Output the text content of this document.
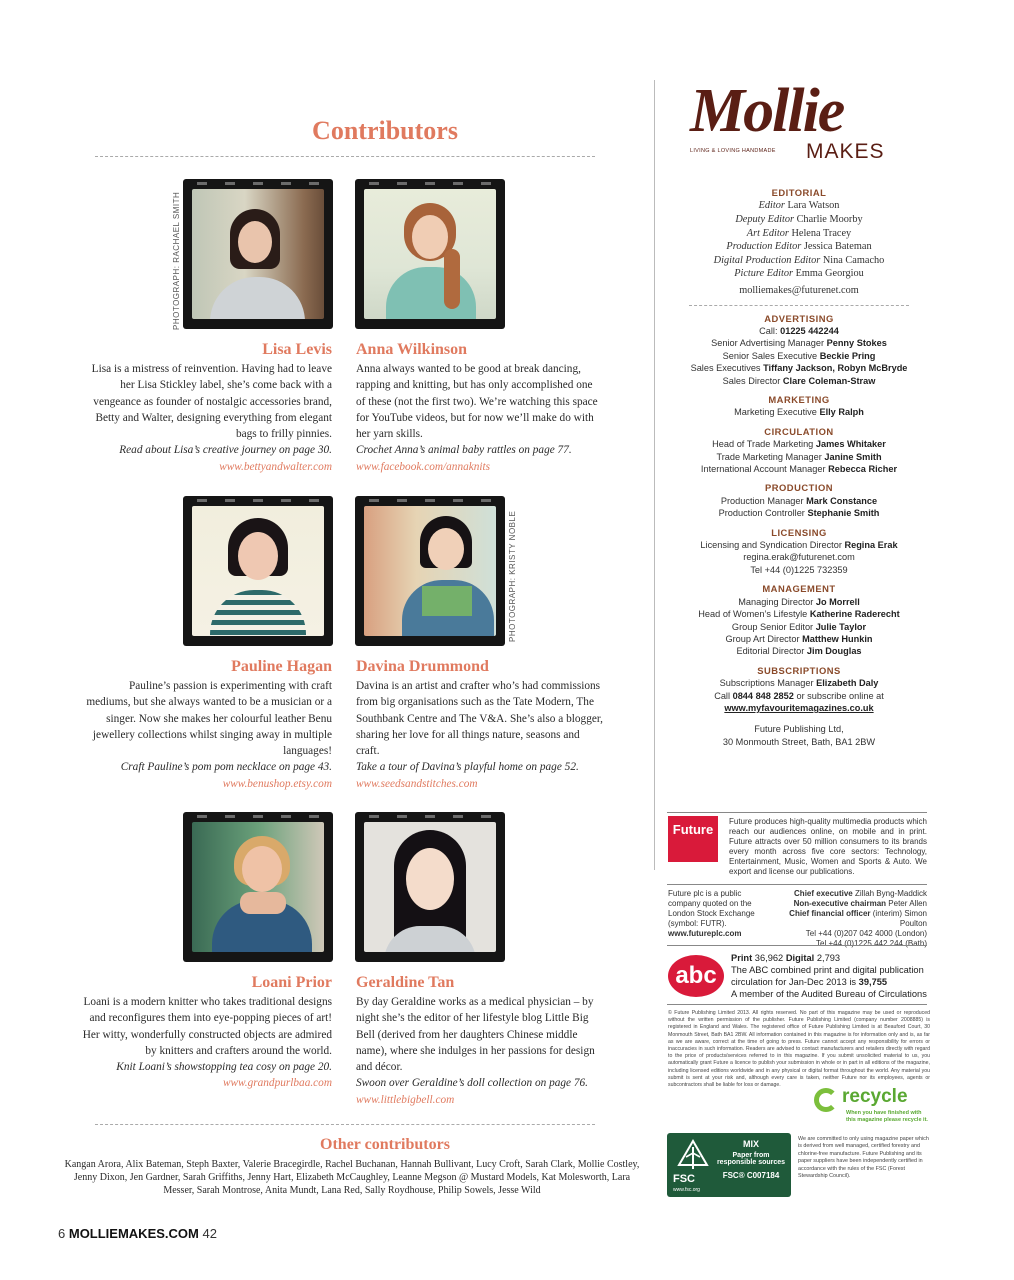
Contributors
PHOTOGRAPH: RACHAEL SMITH
PHOTOGRAPH: KRISTY NOBLE
Lisa Levis
Lisa is a mistress of reinvention. Having had to leave her Lisa Stickley label, she’s come back with a vengeance as founder of nostalgic accessories brand, Betty and Walter, designing everything from elegant bags to frilly pinnies.
Read about Lisa’s creative journey on page 30.
www.bettyandwalter.com
Anna Wilkinson
Anna always wanted to be good at break dancing, rapping and knitting, but has only accomplished one of these (not the first two). We’re watching this space for YouTube videos, but for now we’ll make do with her yarn skills.
Crochet Anna’s animal baby rattles on page 77.
www.facebook.com/annaknits
Pauline Hagan
Pauline’s passion is experimenting with craft mediums, but she always wanted to be a musician or a singer. Now she makes her colourful leather Benu jewellery collections whilst singing away in multiple languages!
Craft Pauline’s pom pom necklace on page 43.
www.benushop.etsy.com
Davina Drummond
Davina is an artist and crafter who’s had commissions from big organisations such as the Tate Modern, The Southbank Centre and The V&A. She’s also a blogger, sharing her love for all things nature, seasons and craft.
Take a tour of Davina’s playful home on page 52.
www.seedsandstitches.com
Loani Prior
Loani is a modern knitter who takes traditional designs and reconfigures them into eye-popping pieces of art! Her witty, wonderfully constructed objects are admired by knitters and crafters around the world.
Knit Loani’s showstopping tea cosy on page 20.
www.grandpurlbaa.com
Geraldine Tan
By day Geraldine works as a medical physician – by night she’s the editor of her lifestyle blog Little Big Bell (derived from her daughters Chinese middle name), where she indulges in her passions for design and décor.
Swoon over Geraldine’s doll collection on page 76.
www.littlebigbell.com
Other contributors
Kangan Arora, Alix Bateman, Steph Baxter, Valerie Bracegirdle, Rachel Buchanan, Hannah Bullivant, Lucy Croft, Sarah Clark, Mollie Costley, Jenny Dixon, Jen Gardner, Sarah Griffiths, Jenny Hart, Elizabeth McCaughley, Leanne Megson @ Mustard Models, Kat Molesworth, Lara Messer, Sarah Montrose, Anita Mundt, Lana Red, Sally Roydhouse, Philip Sowels, Jesse Wild
6 MOLLIEMAKES.COM 42
Mollie
MAKES
LIVING & LOVING HANDMADE
EDITORIAL
Editor Lara Watson
Deputy Editor Charlie Moorby
Art Editor Helena Tracey
Production Editor Jessica Bateman
Digital Production Editor Nina Camacho
Picture Editor Emma Georgiou
molliemakes@futurenet.com
ADVERTISING
Call: 01225 442244
Senior Advertising Manager Penny Stokes
Senior Sales Executive Beckie Pring
Sales Executives Tiffany Jackson, Robyn McBryde
Sales Director Clare Coleman-Straw
MARKETING
Marketing Executive Elly Ralph
CIRCULATION
Head of Trade Marketing James Whitaker
Trade Marketing Manager Janine Smith
International Account Manager Rebecca Richer
PRODUCTION
Production Manager Mark Constance
Production Controller Stephanie Smith
LICENSING
Licensing and Syndication Director Regina Erak
regina.erak@futurenet.com
Tel +44 (0)1225 732359
MANAGEMENT
Managing Director Jo Morrell
Head of Women’s Lifestyle Katherine Raderecht
Group Senior Editor Julie Taylor
Group Art Director Matthew Hunkin
Editorial Director Jim Douglas
SUBSCRIPTIONS
Subscriptions Manager Elizabeth Daly
Call 0844 848 2852 or subscribe online at
www.myfavouritemagazines.co.uk
Future Publishing Ltd,
30 Monmouth Street, Bath, BA1 2BW
Future
Future produces high-quality multimedia products which reach our audiences online, on mobile and in print. Future attracts over 50 million consumers to its brands every month across five core sectors: Technology, Entertainment, Music, Women and Sports & Auto. We export and license our publications.
Future plc is a public company quoted on the London Stock Exchange (symbol: FUTR).
www.futureplc.com
Chief executive Zillah Byng-Maddick
Non-executive chairman Peter Allen
Chief financial officer (interim) Simon Poulton
Tel +44 (0)207 042 4000 (London)
Tel +44 (0)1225 442 244 (Bath)
abc
Print 36,962 Digital 2,793
The ABC combined print and digital publication
circulation for Jan-Dec 2013 is 39,755
A member of the Audited Bureau of Circulations
© Future Publishing Limited 2013. All rights reserved. No part of this magazine may be used or reproduced without the written permission of the publisher. Future Publishing Limited (company number 2008885) is registered in England and Wales. The registered office of Future Publishing Limited is at Beauford Court, 30 Monmouth Street, Bath BA1 2BW. All information contained in this magazine is for information only and is, as far as we are aware, correct at the time of going to press. Future cannot accept any responsibility for errors or inaccuracies in such information. Readers are advised to contact manufacturers and retailers directly with regard to the price of products/services referred to in this magazine. If you submit unsolicited material to us, you automatically grant Future a licence to publish your submission in whole or in part in all editions of the magazine, including licensed editions worldwide and in any physical or digital format throughout the world. Any material you submit is sent at your risk and, although every care is taken, neither Future nor its employees, agents or subcontractors shall be liable for loss or damage.
recycle
When you have finished with
this magazine please recycle it.
FSC
www.fsc.org
MIX
Paper from
responsible sources
FSC® C007184
We are committed to only using magazine paper which is derived from well managed, certified forestry and chlorine-free manufacture. Future Publishing and its paper suppliers have been independently certified in accordance with the rules of the FSC (Forest Stewardship Council).
